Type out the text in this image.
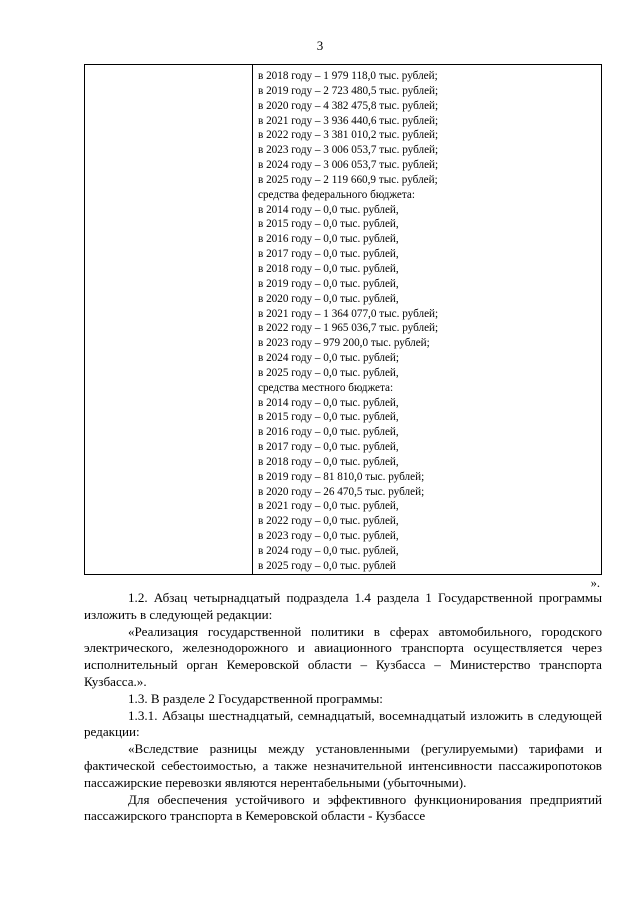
3
в 2018 году – 1 979 118,0 тыс. рублей;
в 2019 году – 2 723 480,5 тыс. рублей;
в 2020 году – 4 382 475,8 тыс. рублей;
в 2021 году – 3 936 440,6 тыс. рублей;
в 2022 году – 3 381 010,2 тыс. рублей;
в 2023 году – 3 006 053,7 тыс. рублей;
в 2024 году – 3 006 053,7 тыс. рублей;
в 2025 году – 2 119 660,9 тыс. рублей;
средства федерального бюджета:
в 2014 году – 0,0 тыс. рублей,
в 2015 году – 0,0 тыс. рублей,
в 2016 году – 0,0 тыс. рублей,
в 2017 году – 0,0 тыс. рублей,
в 2018 году – 0,0 тыс. рублей,
в 2019 году – 0,0 тыс. рублей,
в 2020 году – 0,0 тыс. рублей,
в 2021 году – 1 364 077,0 тыс. рублей;
в 2022 году – 1 965 036,7 тыс. рублей;
в 2023 году – 979 200,0 тыс. рублей;
в 2024 году – 0,0 тыс. рублей;
в 2025 году – 0,0 тыс. рублей,
средства местного бюджета:
в 2014 году – 0,0 тыс. рублей,
в 2015 году – 0,0 тыс. рублей,
в 2016 году – 0,0 тыс. рублей,
в 2017 году – 0,0 тыс. рублей,
в 2018 году – 0,0 тыс. рублей,
в 2019 году – 81 810,0 тыс. рублей;
в 2020 году – 26 470,5 тыс. рублей;
в 2021 году – 0,0 тыс. рублей,
в 2022 году – 0,0 тыс. рублей,
в 2023 году – 0,0 тыс. рублей,
в 2024 году – 0,0 тыс. рублей,
в 2025 году – 0,0 тыс. рублей
».

1.2. Абзац четырнадцатый подраздела 1.4 раздела 1 Государственной программы изложить в следующей редакции:

«Реализация государственной политики в сферах автомобильного, городского электрического, железнодорожного и авиационного транспорта осуществляется через исполнительный орган Кемеровской области – Кузбасса – Министерство транспорта Кузбасса.».

1.3. В разделе 2 Государственной программы:

1.3.1. Абзацы шестнадцатый, семнадцатый, восемнадцатый изложить в следующей редакции:

«Вследствие разницы между установленными (регулируемыми) тарифами и фактической себестоимостью, а также незначительной интенсивности пассажиропотоков пассажирские перевозки являются нерентабельными (убыточными).

Для обеспечения устойчивого и эффективного функционирования предприятий пассажирского транспорта в Кемеровской области - Кузбассе
